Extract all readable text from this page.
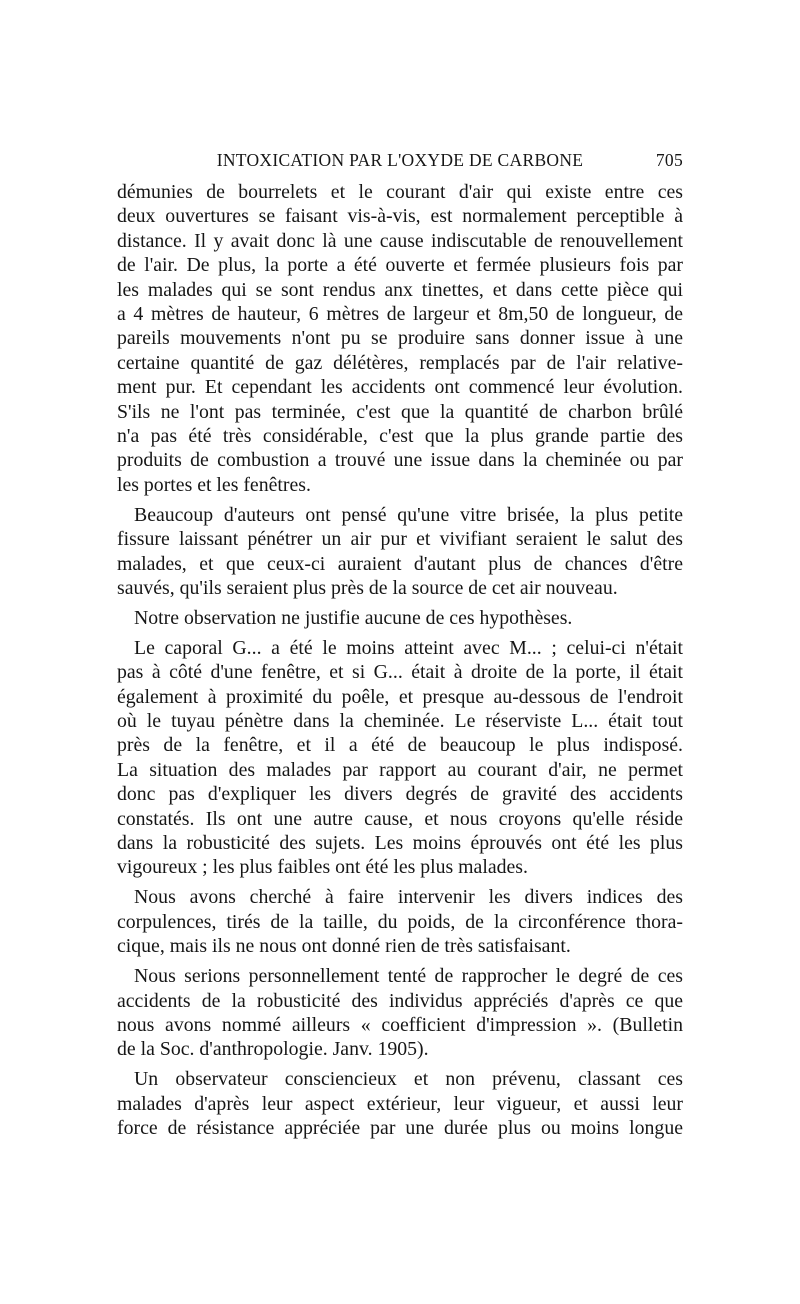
INTOXICATION PAR L'OXYDE DE CARBONE	705
démunies de bourrelets et le courant d'air qui existe entre ces
deux ouvertures se faisant vis-à-vis, est normalement perceptible à
distance. Il y avait donc là une cause indiscutable de renouvellement
de l'air. De plus, la porte a été ouverte et fermée plusieurs fois par
les malades qui se sont rendus anx tinettes, et dans cette pièce qui
a 4 mètres de hauteur, 6 mètres de largeur et 8m,50 de longueur, de
pareils mouvements n'ont pu se produire sans donner issue à une
certaine quantité de gaz délétères, remplacés par de l'air relative-
ment pur. Et cependant les accidents ont commencé leur évolution.
S'ils ne l'ont pas terminée, c'est que la quantité de charbon brûlé
n'a pas été très considérable, c'est que la plus grande partie des
produits de combustion a trouvé une issue dans la cheminée ou par
les portes et les fenêtres.
Beaucoup d'auteurs ont pensé qu'une vitre brisée, la plus petite
fissure laissant pénétrer un air pur et vivifiant seraient le salut des
malades, et que ceux-ci auraient d'autant plus de chances d'être
sauvés, qu'ils seraient plus près de la source de cet air nouveau.
Notre observation ne justifie aucune de ces hypothèses.
Le caporal G... a été le moins atteint avec M... ; celui-ci n'était
pas à côté d'une fenêtre, et si G... était à droite de la porte, il était
également à proximité du poêle, et presque au-dessous de l'endroit
où le tuyau pénètre dans la cheminée. Le réserviste L... était tout
près de la fenêtre, et il a été de beaucoup le plus indisposé.
La situation des malades par rapport au courant d'air, ne permet
donc pas d'expliquer les divers degrés de gravité des accidents
constatés. Ils ont une autre cause, et nous croyons qu'elle réside
dans la robusticité des sujets. Les moins éprouvés ont été les plus
vigoureux ; les plus faibles ont été les plus malades.
Nous avons cherché à faire intervenir les divers indices des
corpulences, tirés de la taille, du poids, de la circonférence thora-
cique, mais ils ne nous ont donné rien de très satisfaisant.
Nous serions personnellement tenté de rapprocher le degré de ces
accidents de la robusticité des individus appréciés d'après ce que
nous avons nommé ailleurs « coefficient d'impression ». (Bulletin
de la Soc. d'anthropologie. Janv. 1905).
Un observateur consciencieux et non prévenu, classant ces
malades d'après leur aspect extérieur, leur vigueur, et aussi leur
force de résistance appréciée par une durée plus ou moins longue
